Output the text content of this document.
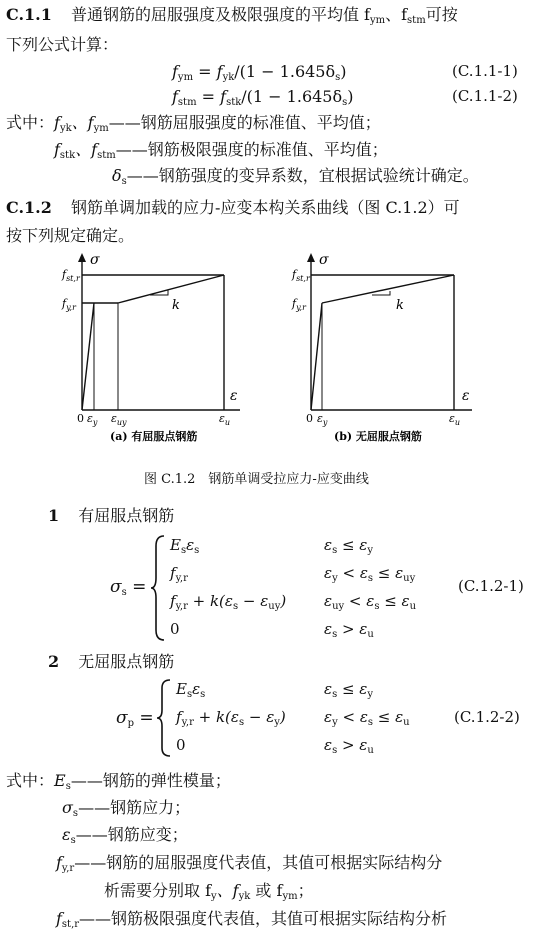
C.1.1 普通钢筋的屈服强度及极限强度的平均值 $f_{ym}$、$f_{stm}$可按
下列公式计算：
$f_{ym} = f_{yk}/(1 - 1.645\delta_s)$	(C.1.1-1)
$f_{stm} = f_{stk}/(1 - 1.645\delta_s)$	(C.1.1-2)
式中：$f_{yk}$、$f_{ym}——$钢筋屈服强度的标准值、平均值；
$f_{stk}$、$f_{stm}——$钢筋极限强度的标准值、平均值；
$\delta_s——$钢筋强度的变异系数，宜根据试验统计确定。
C.1.2 钢筋单调加载的应力-应变本构关系曲线（图 C.1.2）可
按下列规定确定。
σ
$f_{st,r}$
$f_{y,r}$	k
ε
0 $\varepsilon_y$ $\varepsilon_{uy}$	$\varepsilon_u$
(a) 有屈服点钢筋
σ
$f_{st,r}$
$f_{y,r}$	k
ε
0 $\varepsilon_y$	$\varepsilon_u$
(b) 无屈服点钢筋
图 C.1.2　钢筋单调受拉应力-应变曲线
1 有屈服点钢筋
$\sigma_s$ =
$E_s\varepsilon_s$	$\varepsilon_s \le \varepsilon_y$
$f_{y,r}$	$\varepsilon_y < \varepsilon_s \le \varepsilon_{uy}$
$f_{y,r} + k(\varepsilon_s - \varepsilon_{uy})$	$\varepsilon_{uy} < \varepsilon_s \le \varepsilon_u$
0	$\varepsilon_s > \varepsilon_u$
(C.1.2-1)
2 无屈服点钢筋
$\sigma_p$ =
$E_s\varepsilon_s$	$\varepsilon_s \le \varepsilon_y$
$f_{y,r} + k(\varepsilon_s - \varepsilon_y)$	$\varepsilon_y < \varepsilon_s \le \varepsilon_u$
0	$\varepsilon_s > \varepsilon_u$
(C.1.2-2)
式中：$E_s——$钢筋的弹性模量；
$\sigma_s——$钢筋应力；
$\varepsilon_s——$钢筋应变；
$f_{y,r}——$钢筋的屈服强度代表值，其值可根据实际结构分
析需要分别取 $f_y$、$f_{yk}$ 或 $f_{ym}$；
$f_{st,r}——$钢筋极限强度代表值，其值可根据实际结构分析
